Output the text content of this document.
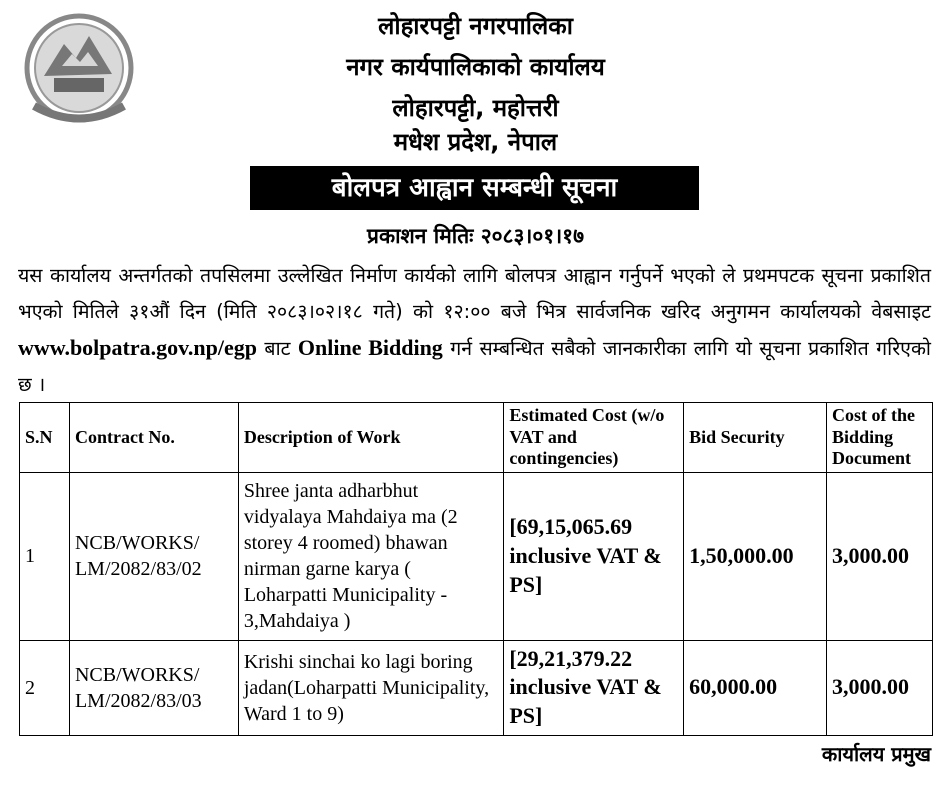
लोहारपट्टी नगरपालिका
नगर कार्यपालिकाको कार्यालय
लोहारपट्टी, महोत्तरी
मधेश प्रदेश, नेपाल
बोलपत्र आह्वान सम्बन्धी सूचना
प्रकाशन मितिः २०८३।०१।१७
यस कार्यालय अन्तर्गतको तपसिलमा उल्लेखित निर्माण कार्यको लागि बोलपत्र आह्वान गर्नुपर्ने भएको ले प्रथमपटक सूचना प्रकाशित भएको मितिले ३१औं दिन (मिति २०८३।०२।१८ गते) को १२:०० बजे भित्र सार्वजनिक खरिद अनुगमन कार्यालयको वेबसाइट www.bolpatra.gov.np/egp बाट Online Bidding गर्न सम्बन्धित सबैको जानकारीका लागि यो सूचना प्रकाशित गरिएको छ ।
S.N	Contract No.	Description of Work	Estimated Cost (w/o VAT and contingencies)	Bid Security	Cost of the Bidding Document
1	NCB/WORKS/ LM/2082/83/02	Shree janta adharbhut vidyalaya Mahdaiya ma (2 storey 4 roomed) bhawan nirman garne karya ( Loharpatti Municipality - 3,Mahdaiya )	[69,15,065.69 inclusive VAT & PS]	1,50,000.00	3,000.00
2	NCB/WORKS/ LM/2082/83/03	Krishi sinchai ko lagi boring jadan(Loharpatti Municipality, Ward 1 to 9)	[29,21,379.22 inclusive VAT & PS]	60,000.00	3,000.00
कार्यालय प्रमुख
